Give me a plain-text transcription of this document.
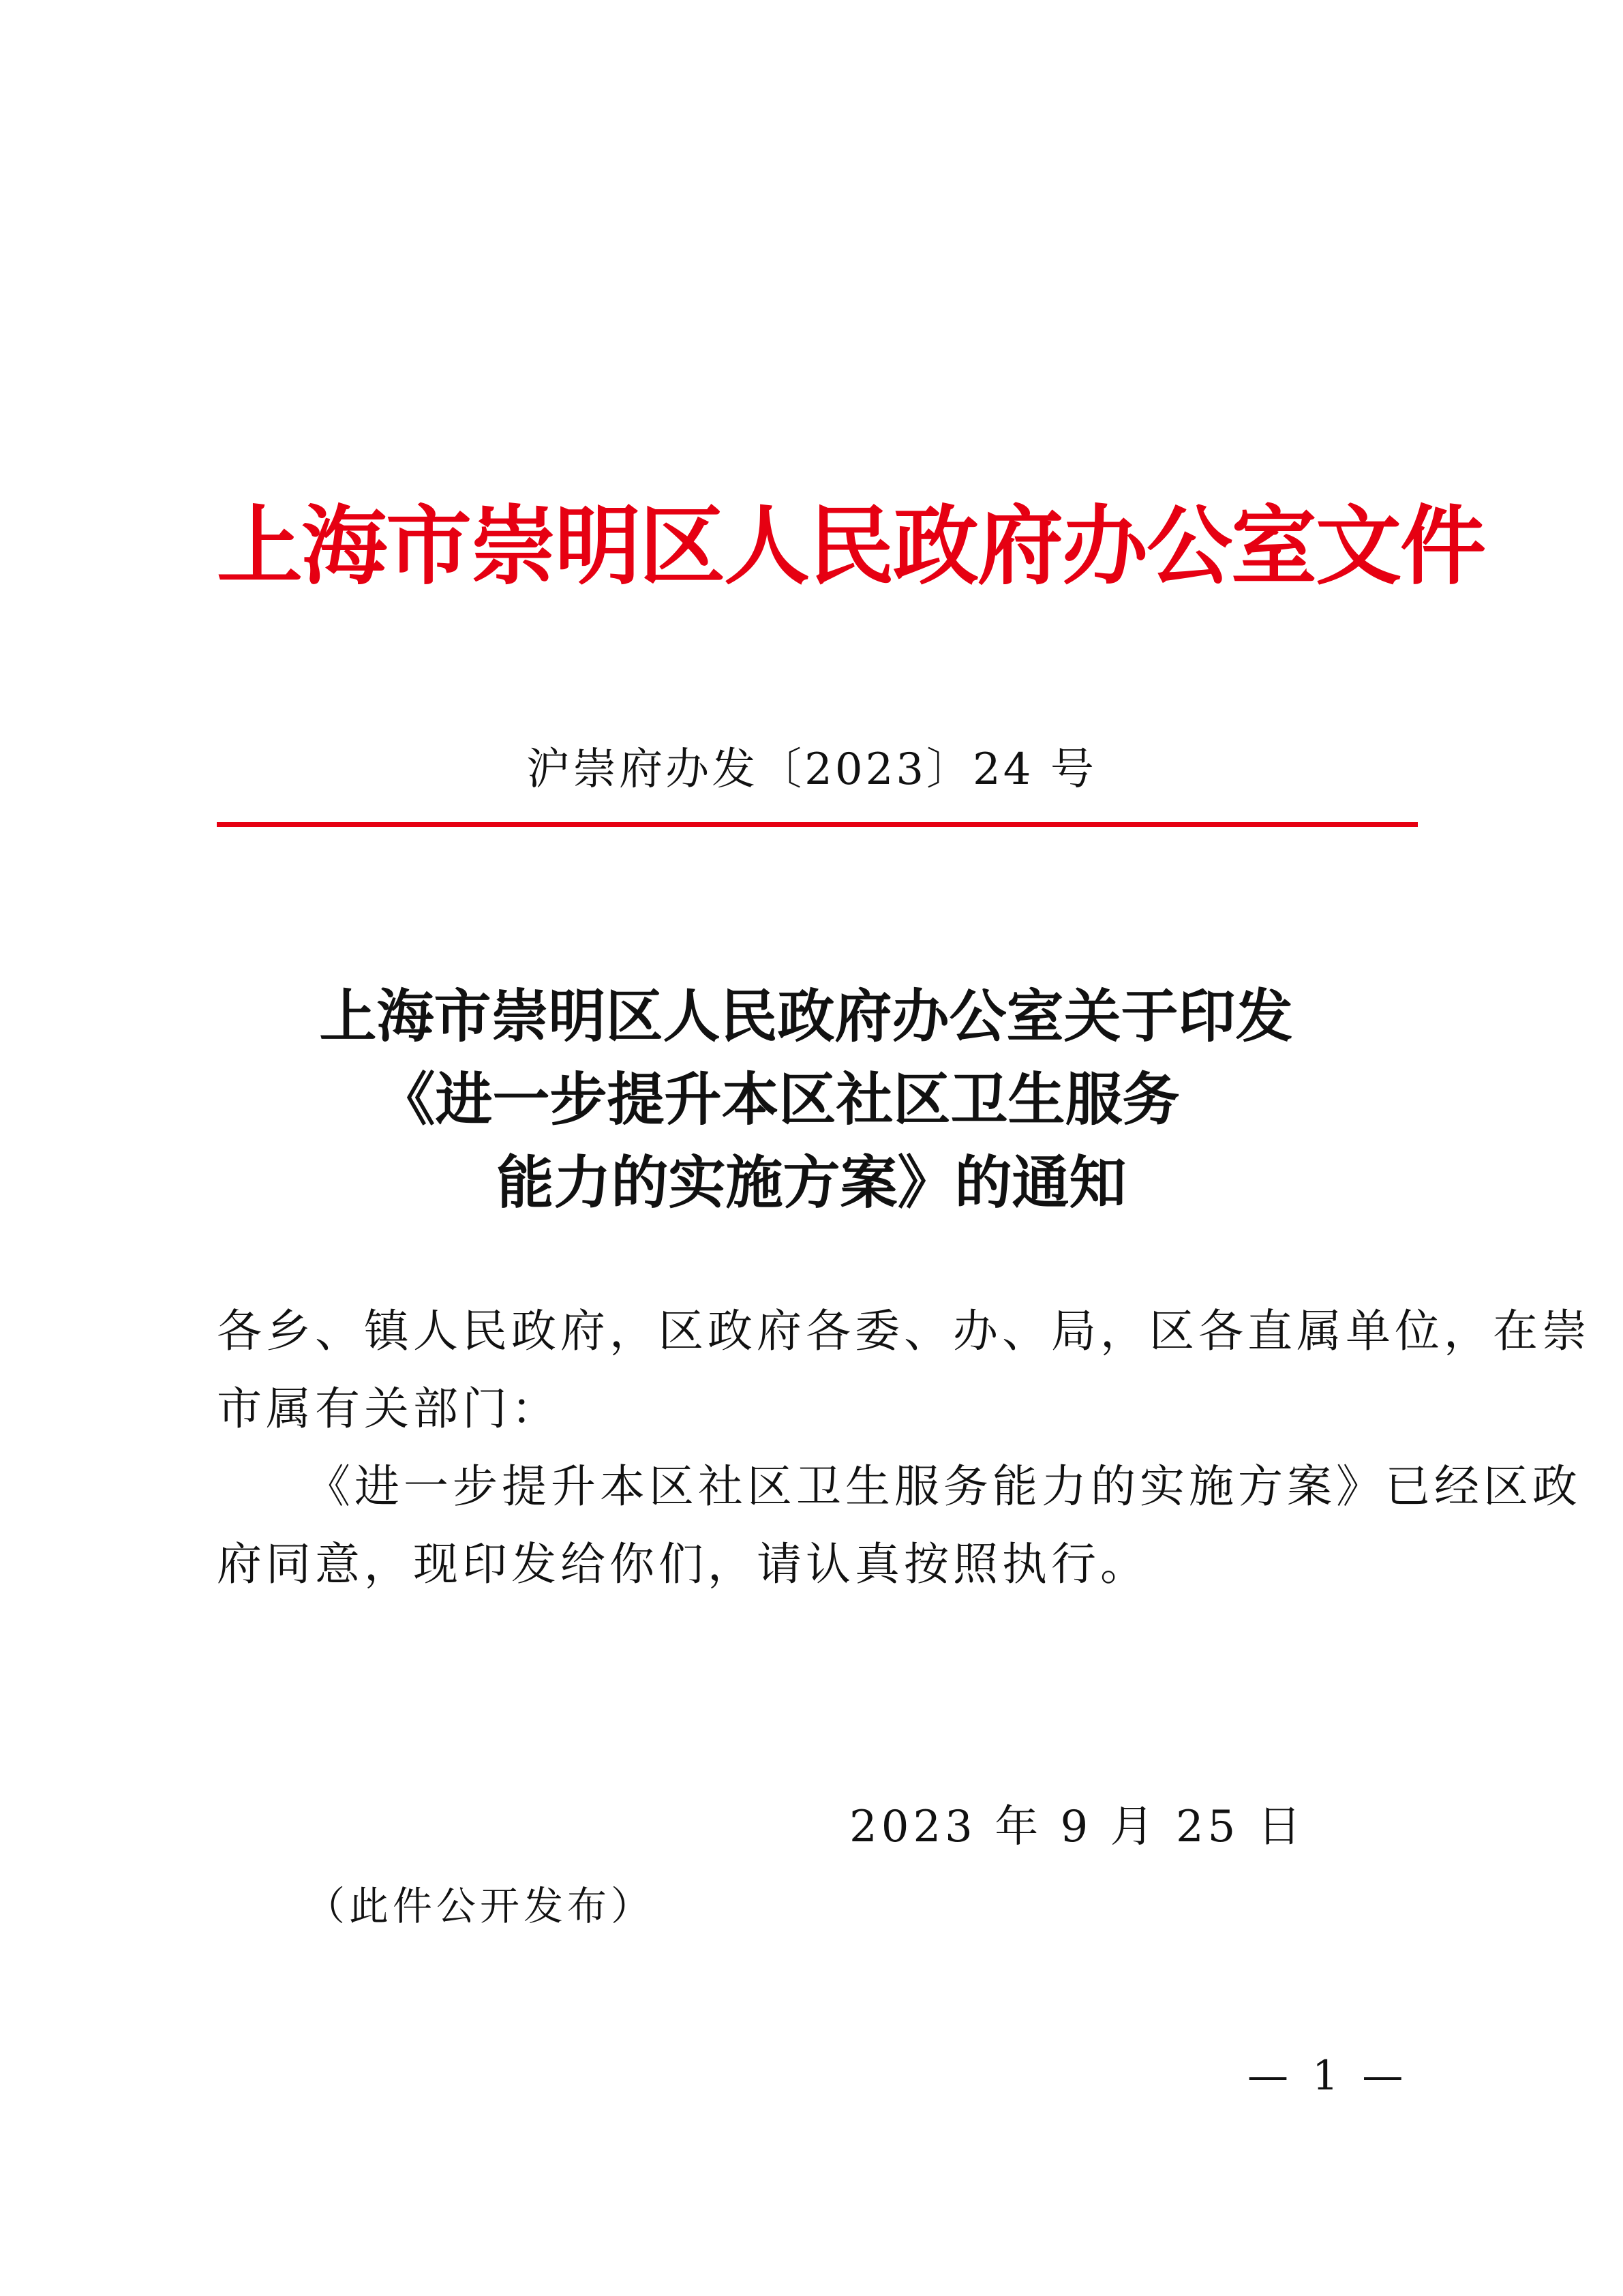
上海市崇明区人民政府办公室文件
沪崇府办发〔2023〕24 号
上海市崇明区人民政府办公室关于印发
《进一步提升本区社区卫生服务
能力的实施方案》的通知
各乡、镇人民政府，区政府各委、办、局，区各直属单位，在崇
市属有关部门：
《进一步提升本区社区卫生服务能力的实施方案》已经区政
府同意，现印发给你们，请认真按照执行。
2023 年 9 月 25 日
（此件公开发布）
— 1 —
